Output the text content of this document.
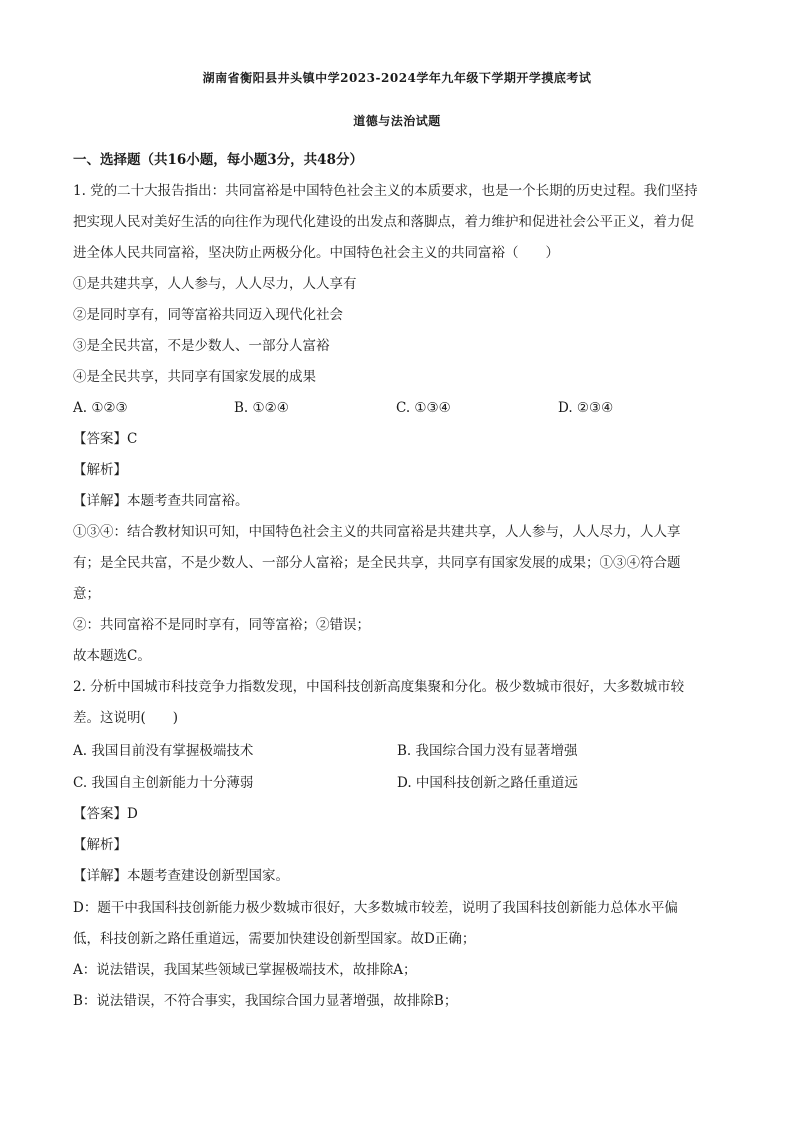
湖南省衡阳县井头镇中学2023-2024学年九年级下学期开学摸底考试
道德与法治试题
一、选择题（共16小题，每小题3分，共48分）
1. 党的二十大报告指出：共同富裕是中国特色社会主义的本质要求，也是一个长期的历史过程。我们坚持
把实现人民对美好生活的向往作为现代化建设的出发点和落脚点，着力维护和促进社会公平正义，着力促
进全体人民共同富裕，坚决防止两极分化。中国特色社会主义的共同富裕（　　）
①是共建共享，人人参与，人人尽力，人人享有
②是同时享有，同等富裕共同迈入现代化社会
③是全民共富，不是少数人、一部分人富裕
④是全民共享，共同享有国家发展的成果
A. ①②③	B. ①②④	C. ①③④	D. ②③④
【答案】C
【解析】
【详解】本题考查共同富裕。
①③④：结合教材知识可知，中国特色社会主义的共同富裕是共建共享，人人参与，人人尽力，人人享
有；是全民共富，不是少数人、一部分人富裕；是全民共享，共同享有国家发展的成果；①③④符合题
意；
②：共同富裕不是同时享有，同等富裕；②错误；
故本题选C。
2. 分析中国城市科技竞争力指数发现，中国科技创新高度集聚和分化。极少数城市很好，大多数城市较
差。这说明(　　)
A. 我国目前没有掌握极端技术	B. 我国综合国力没有显著增强
C. 我国自主创新能力十分薄弱	D. 中国科技创新之路任重道远
【答案】D
【解析】
【详解】本题考查建设创新型国家。
D：题干中我国科技创新能力极少数城市很好，大多数城市较差，说明了我国科技创新能力总体水平偏
低，科技创新之路任重道远，需要加快建设创新型国家。故D正确；
A：说法错误，我国某些领域已掌握极端技术，故排除A；
B：说法错误，不符合事实，我国综合国力显著增强，故排除B；
